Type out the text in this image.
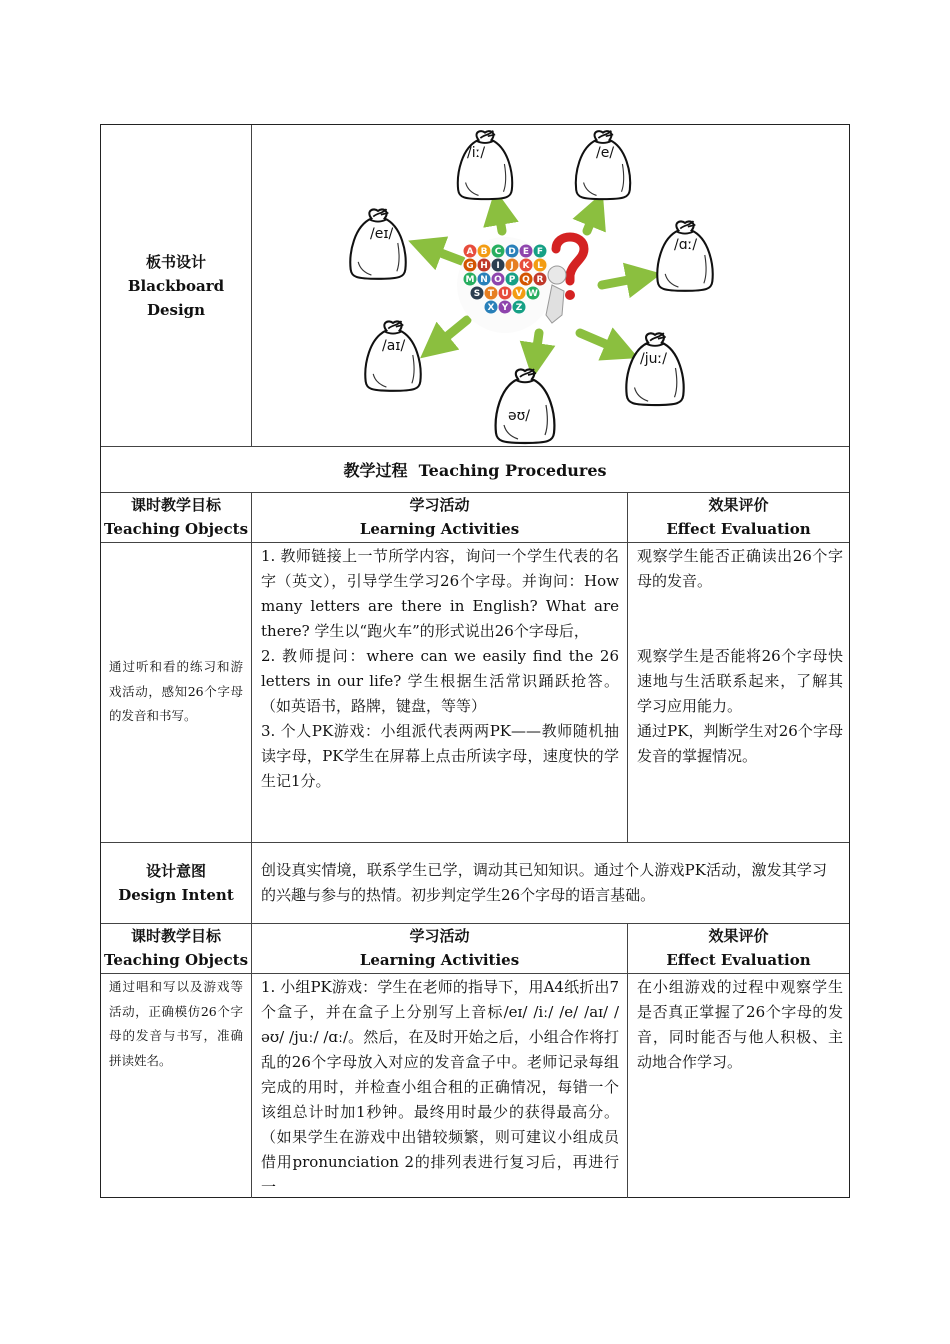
板书设计
Blackboard
Design
A B C D E F
G H I J K L
M N O P Q R
S T U V W
X Y Z
/iː/	/e/
/eɪ/
/ɑː/
/aɪ/
/juː/
əʊ/
教学过程 Teaching Procedures
课时教学目标
Teaching Objects
学习活动
Learning Activities
效果评价
Effect Evaluation

通过听和看的练习和游戏活动，感知26个字母的发音和书写。

1. 教师链接上一节所学内容，询问一个学生代表的名字（英文），引导学生学习26个字母。并询问：How many letters are there in English? What are there? 学生以“跑火车”的形式说出26个字母后，

2. 教师提问：where can we easily find the 26 letters in our life? 学生根据生活常识踊跃抢答。（如英语书，路牌，键盘，等等）

3. 个人PK游戏：小组派代表两两PK——教师随机抽读字母，PK学生在屏幕上点击所读字母，速度快的学生记1分。

观察学生能否正确读出26个字母的发音。

观察学生是否能将26个字母快速地与生活联系起来，了解其学习应用能力。

通过PK，判断学生对26个字母发音的掌握情况。

设计意图
Design Intent

创设真实情境，联系学生已学，调动其已知知识。通过个人游戏PK活动，激发其学习的兴趣与参与的热情。初步判定学生26个字母的语言基础。

课时教学目标
Teaching Objects
学习活动
Learning Activities
效果评价
Effect Evaluation

通过唱和写以及游戏等活动，正确模仿26个字母的发音与书写，准确拼读姓名。

1. 小组PK游戏：学生在老师的指导下，用A4纸折出7个盒子，并在盒子上分别写上音标/eɪ/ /iː/ /e/ /aɪ/ /əʊ/ /juː/ /ɑː/。然后，在及时开始之后，小组合作将打乱的26个字母放入对应的发音盒子中。老师记录每组完成的用时，并检查小组合租的正确情况，每错一个该组总计时加1秒钟。最终用时最少的获得最高分。（如果学生在游戏中出错较频繁，则可建议小组成员借用pronunciation 2的排列表进行复习后，再进行一

在小组游戏的过程中观察学生是否真正掌握了26个字母的发音，同时能否与他人积极、主动地合作学习。
